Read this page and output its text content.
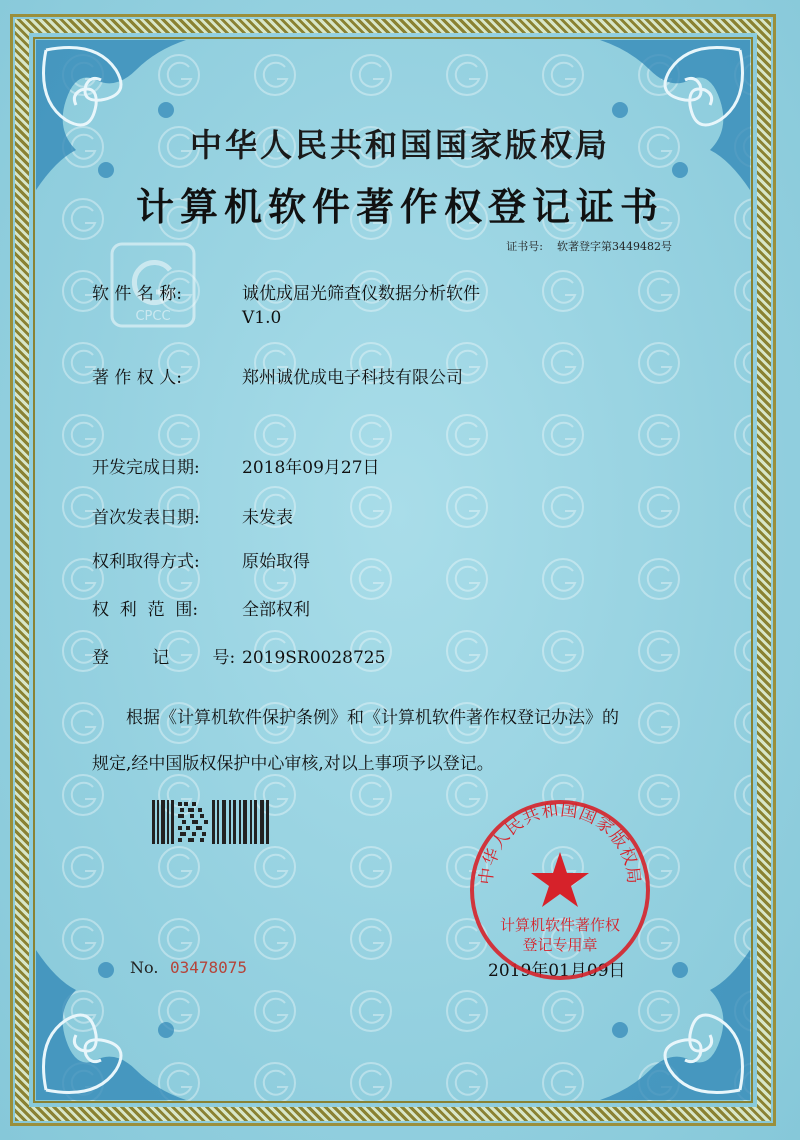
中华人民共和国国家版权局
计算机软件著作权登记证书
证书号: 软著登字第3449482号
CPCC
软 件 名 称:	诚优成屈光筛查仪数据分析软件
V1.0
著 作 权 人:	郑州诚优成电子科技有限公司
开发完成日期: 2018年09月27日
首次发表日期: 未发表
权利取得方式: 原始取得
权  利  范  围:	全部权利
登        记        号: 2019SR0028725
根据《计算机软件保护条例》和《计算机软件著作权登记办法》的
规定,经中国版权保护中心审核,对以上事项予以登记。
No. 03478075	2019年01月09日
中华人民共和国国家版权局
计算机软件著作权
登记专用章
